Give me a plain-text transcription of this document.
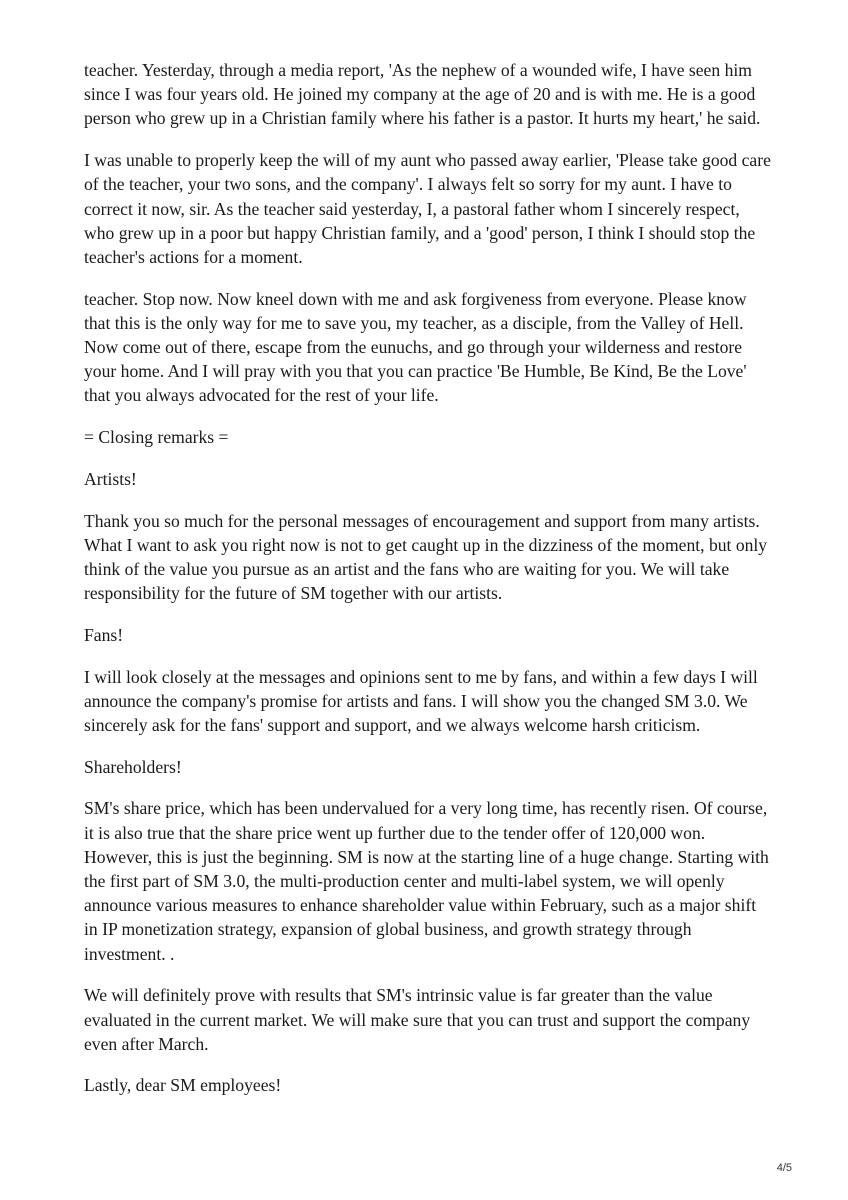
teacher. Yesterday, through a media report, 'As the nephew of a wounded wife, I have seen him since I was four years old. He joined my company at the age of 20 and is with me. He is a good person who grew up in a Christian family where his father is a pastor. It hurts my heart,' he said.

I was unable to properly keep the will of my aunt who passed away earlier, 'Please take good care of the teacher, your two sons, and the company'. I always felt so sorry for my aunt. I have to correct it now, sir. As the teacher said yesterday, I, a pastoral father whom I sincerely respect, who grew up in a poor but happy Christian family, and a 'good' person, I think I should stop the teacher's actions for a moment.

teacher. Stop now. Now kneel down with me and ask forgiveness from everyone. Please know that this is the only way for me to save you, my teacher, as a disciple, from the Valley of Hell. Now come out of there, escape from the eunuchs, and go through your wilderness and restore your home. And I will pray with you that you can practice 'Be Humble, Be Kind, Be the Love' that you always advocated for the rest of your life.

= Closing remarks =

Artists!

Thank you so much for the personal messages of encouragement and support from many artists. What I want to ask you right now is not to get caught up in the dizziness of the moment, but only think of the value you pursue as an artist and the fans who are waiting for you. We will take responsibility for the future of SM together with our artists.

Fans!

I will look closely at the messages and opinions sent to me by fans, and within a few days I will announce the company's promise for artists and fans. I will show you the changed SM 3.0. We sincerely ask for the fans' support and support, and we always welcome harsh criticism.

Shareholders!

SM's share price, which has been undervalued for a very long time, has recently risen. Of course, it is also true that the share price went up further due to the tender offer of 120,000 won. However, this is just the beginning. SM is now at the starting line of a huge change. Starting with the first part of SM 3.0, the multi-production center and multi-label system, we will openly announce various measures to enhance shareholder value within February, such as a major shift in IP monetization strategy, expansion of global business, and growth strategy through investment. .

We will definitely prove with results that SM's intrinsic value is far greater than the value evaluated in the current market. We will make sure that you can trust and support the company even after March.

Lastly, dear SM employees!

4/5
